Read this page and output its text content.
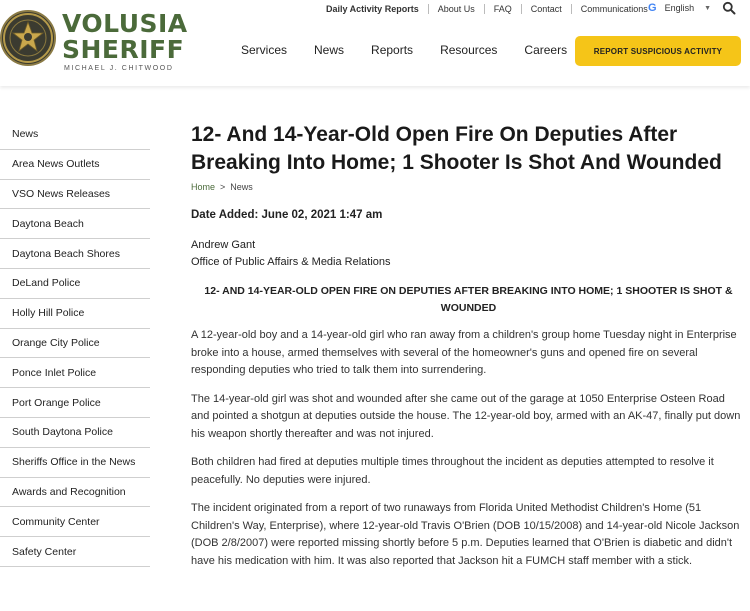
VOLUSIA
SHERIFF
MICHAEL J. CHITWOOD
Daily Activity Reports	About Us	FAQ	Contact	Communications G English ▼
Services News Reports Resources Careers	REPORT SUSPICIOUS ACTIVITY
News
Area News Outlets
VSO News Releases
Daytona Beach
Daytona Beach Shores
DeLand Police
Holly Hill Police
Orange City Police
Ponce Inlet Police
Port Orange Police
South Daytona Police
Sheriffs Office in the News
Awards and Recognition
Community Center
Safety Center
12- And 14-Year-Old Open Fire On Deputies After Breaking Into Home; 1 Shooter Is Shot And Wounded
Home > News
Date Added: June 02, 2021 1:47 am
Andrew Gant
Office of Public Affairs & Media Relations
12- AND 14-YEAR-OLD OPEN FIRE ON DEPUTIES AFTER BREAKING INTO HOME; 1 SHOOTER IS SHOT & WOUNDED

A 12-year-old boy and a 14-year-old girl who ran away from a children's group home Tuesday night in Enterprise broke into a house, armed themselves with several of the homeowner's guns and opened fire on several responding deputies who tried to talk them into surrendering.

The 14-year-old girl was shot and wounded after she came out of the garage at 1050 Enterprise Osteen Road and pointed a shotgun at deputies outside the house. The 12-year-old boy, armed with an AK-47, finally put down his weapon shortly thereafter and was not injured.

Both children had fired at deputies multiple times throughout the incident as deputies attempted to resolve it peacefully. No deputies were injured.

The incident originated from a report of two runaways from Florida United Methodist Children's Home (51 Children's Way, Enterprise), where 12-year-old Travis O'Brien (DOB 10/15/2008) and 14-year-old Nicole Jackson (DOB 2/8/2007) were reported missing shortly before 5 p.m. Deputies learned that O'Brien is diabetic and didn't have his medication with him. It was also reported that Jackson hit a FUMCH staff member with a stick.
